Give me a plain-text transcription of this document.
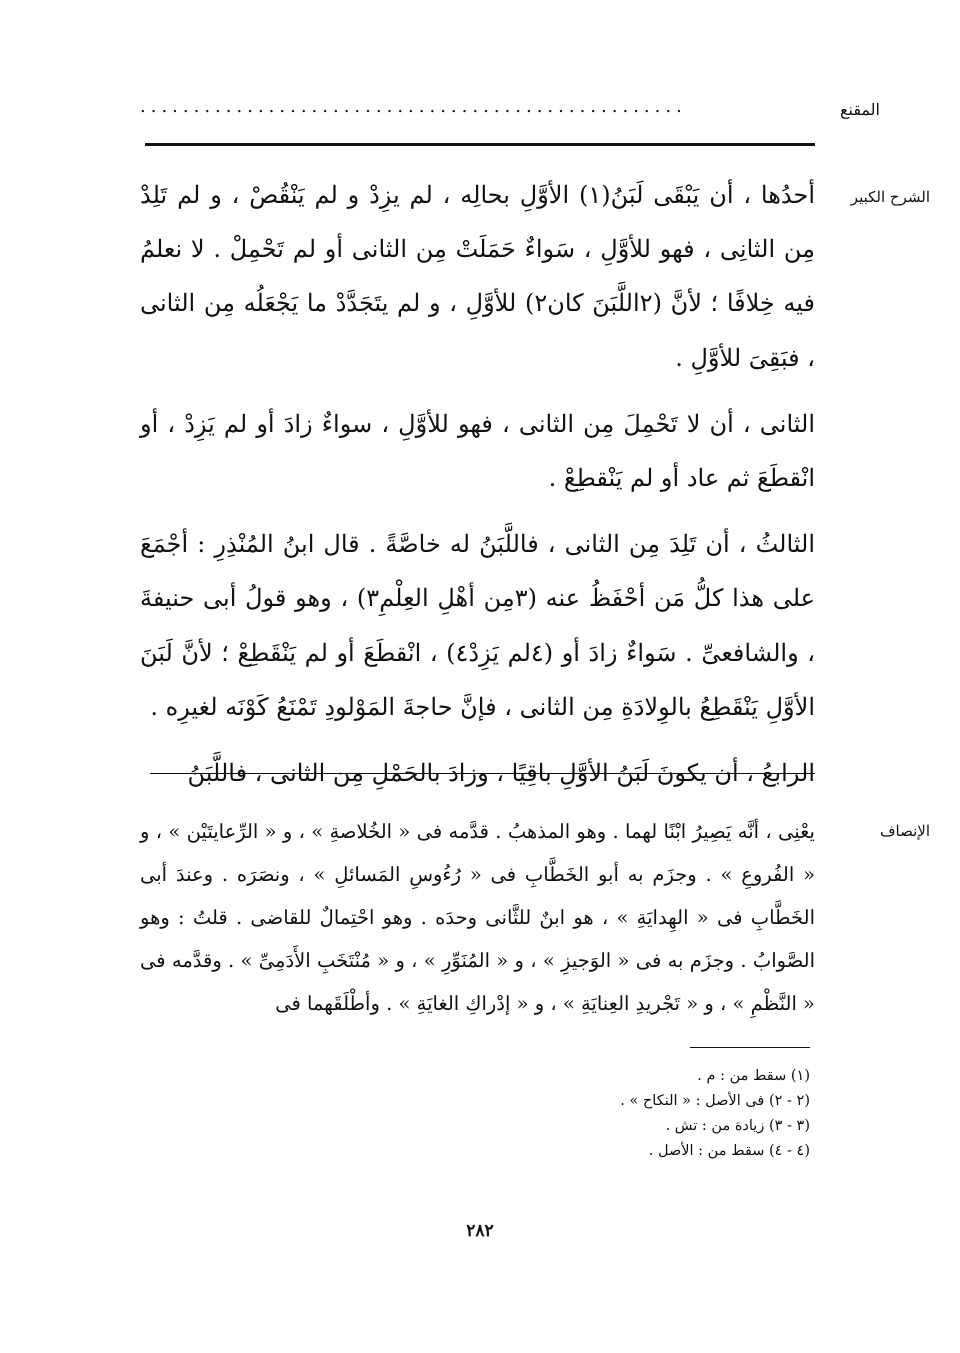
المقنع
...................................................
الشرح الكبير

أحدُها ، أن يَبْقَى لَبَنُ(١) الأوَّلِ بحالِه ، لم يزِدْ و لم يَنْقُصْ ، و لم تَلِدْ مِن الثانِى ، فهو للأوَّلِ ، سَواءٌ حَمَلَتْ مِن الثانى أو لم تَحْمِلْ . لا نعلمُ فيه خِلافًا ؛ لأنَّ (٢اللَّبَنَ كان٢) للأوَّلِ ، و لم يتَجَدَّدْ ما يَجْعَلُه مِن الثانى ، فبَقِىَ للأوَّلِ .

الثانى ، أن لا تَحْمِلَ مِن الثانى ، فهو للأوَّلِ ، سواءٌ زادَ أو لم يَزِدْ ، أو انْقطَعَ ثم عاد أو لم يَنْقطِعْ .

الثالثُ ، أن تَلِدَ مِن الثانى ، فاللَّبَنُ له خاصَّةً . قال ابنُ المُنْذِرِ : أجْمَعَ على هذا كلُّ مَن أحْفَظُ عنه (٣مِن أهْلِ العِلْمِ٣) ، وهو قولُ أبى حنيفةَ ، والشافعىِّ . سَواءٌ زادَ أو (٤لم يَزِدْ٤) ، انْقطَعَ أو لم يَنْقَطِعْ ؛ لأنَّ لَبَنَ الأوَّلِ يَنْقَطِعُ بالوِلادَةِ مِن الثانى ، فإنَّ حاجةَ المَوْلودِ تَمْنَعُ كَوْنَه لغيرِه .

الرابعُ ، أن يكونَ لَبَنُ الأوَّلِ باقِيًا ، وزادَ بالحَمْلِ مِن الثانى ، فاللَّبَنُ

الإنصاف

يعْنِى ، أنَّه يَصِيرُ ابْنًا لهما . وهو المذهبُ . قدَّمه فى « الخُلاصةِ » ، و « الرِّعايتَيْن » ، و « الفُروعِ » . وجزَم به أبو الخَطَّابِ فى « رُءُوسِ المَسائلِ » ، ونصَرَه . وعندَ أبى الخَطَّابِ فى « الهِدايَةِ » ، هو ابنٌ للثَّانى وحدَه . وهو احْتِمالٌ للقاضى . قلتُ : وهو الصَّوابُ . وجزَم به فى « الوَجيزِ » ، و « المُنَوِّرِ » ، و « مُنْتَخَبِ الأَدَمِىِّ » . وقدَّمه فى « النَّظْمِ » ، و « تَجْريدِ العِنايَةِ » ، و « إدْراكِ الغايَةِ » . وأطْلَقَهما فى

(١) سقط من : م .
(٢ - ٢) فى الأصل : « النكاح » .
(٣ - ٣) زيادة من : تش .
(٤ - ٤) سقط من : الأصل .
٢٨٢
